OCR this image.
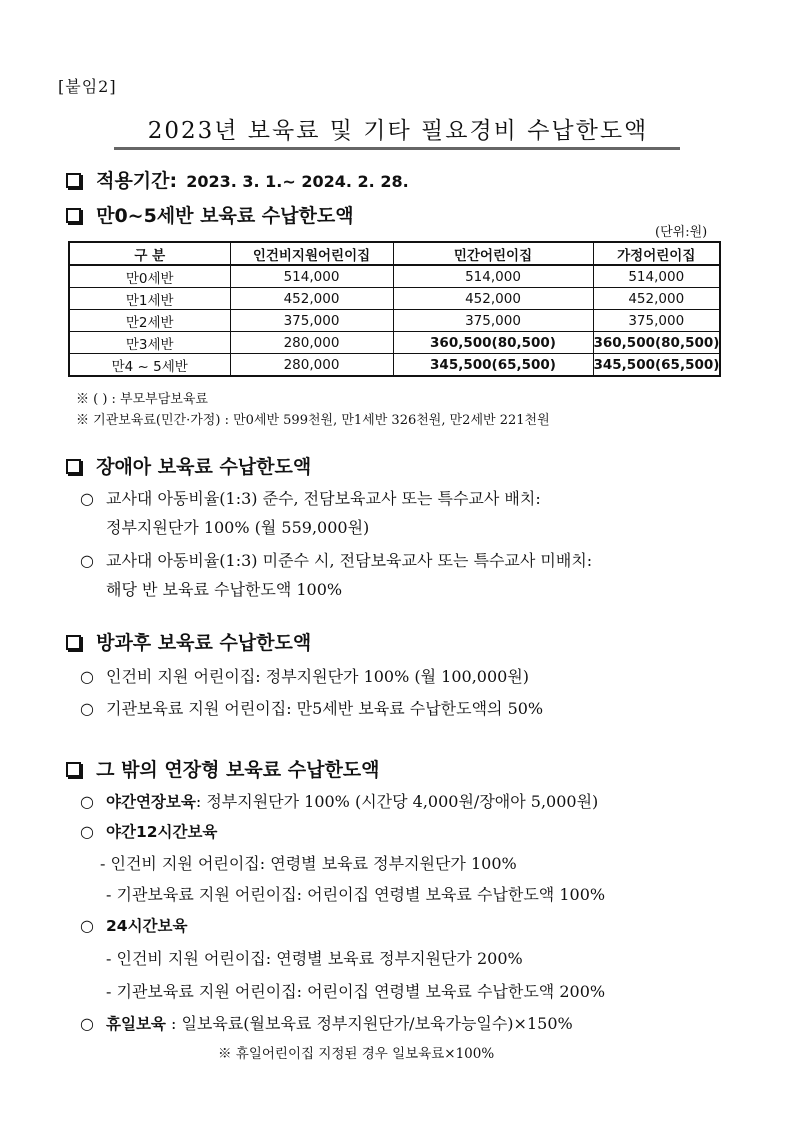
[붙임2]
2023년 보육료 및 기타 필요경비 수납한도액
적용기간: 2023. 3. 1.~ 2024. 2. 28.
만0~5세반 보육료 수납한도액
(단위:원)
구 분	인건비지원어린이집	민간어린이집	가정어린이집
만0세반	514,000	514,000	514,000
만1세반	452,000	452,000	452,000
만2세반	375,000	375,000	375,000
만3세반	280,000	360,500(80,500)	360,500(80,500)
만4 ~ 5세반	280,000	345,500(65,500)	345,500(65,500)
※ ( ) : 부모부담보육료
※ 기관보육료(민간·가정) : 만0세반 599천원, 만1세반 326천원, 만2세반 221천원
장애아 보육료 수납한도액
○ 교사대 아동비율(1:3) 준수, 전담보육교사 또는 특수교사 배치:
정부지원단가 100% (월 559,000원)
○ 교사대 아동비율(1:3) 미준수 시, 전담보육교사 또는 특수교사 미배치:
해당 반 보육료 수납한도액 100%
방과후 보육료 수납한도액
○ 인건비 지원 어린이집: 정부지원단가 100% (월 100,000원)
○ 기관보육료 지원 어린이집: 만5세반 보육료 수납한도액의 50%
그 밖의 연장형 보육료 수납한도액
○ 야간연장보육: 정부지원단가 100% (시간당 4,000원/장애아 5,000원)
○ 야간12시간보육
- 인건비 지원 어린이집: 연령별 보육료 정부지원단가 100%
- 기관보육료 지원 어린이집: 어린이집 연령별 보육료 수납한도액 100%
○ 24시간보육
- 인건비 지원 어린이집: 연령별 보육료 정부지원단가 200%
- 기관보육료 지원 어린이집: 어린이집 연령별 보육료 수납한도액 200%
○ 휴일보육 : 일보육료(월보육료 정부지원단가/보육가능일수)×150%
※ 휴일어린이집 지정된 경우 일보육료×100%
